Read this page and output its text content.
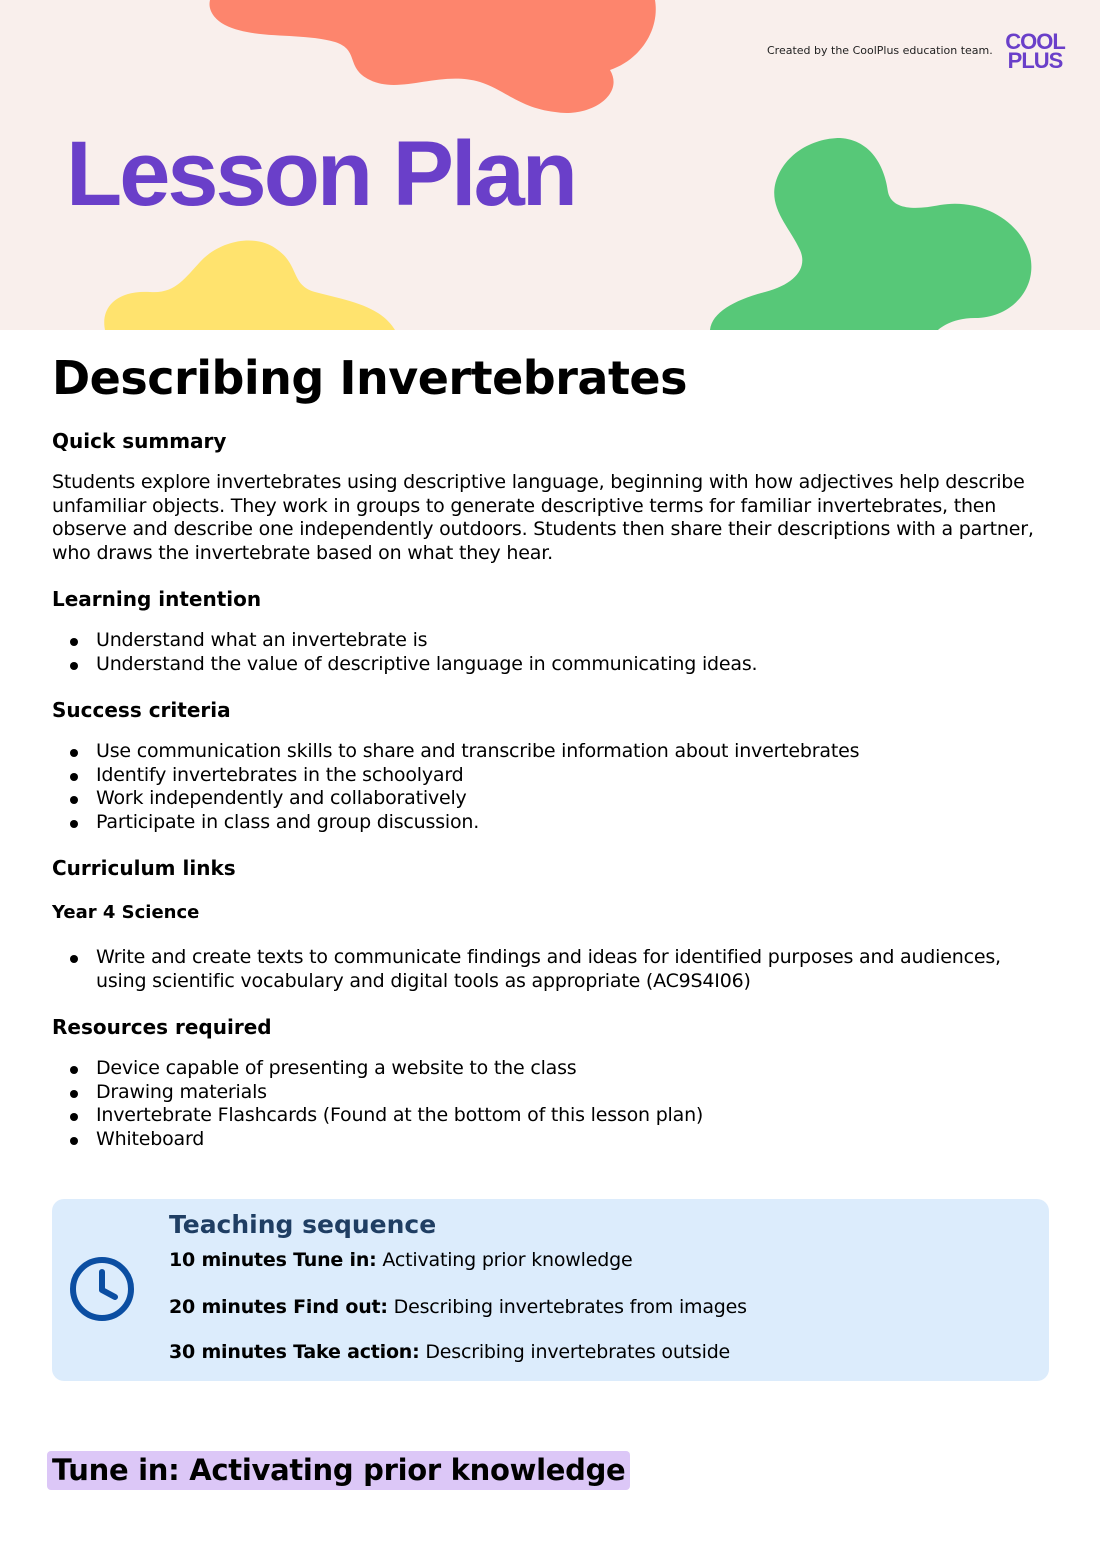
Lesson Plan
Created by the CoolPlus education team. COOL
PLUS
Describing Invertebrates
Quick summary

Students explore invertebrates using descriptive language, beginning with how adjectives help describe unfamiliar objects. They work in groups to generate descriptive terms for familiar invertebrates, then observe and describe one independently outdoors. Students then share their descriptions with a partner, who draws the invertebrate based on what they hear.

Learning intention
Understand what an invertebrate is
Understand the value of descriptive language in communicating ideas.
Success criteria
Use communication skills to share and transcribe information about invertebrates
Identify invertebrates in the schoolyard
Work independently and collaboratively
Participate in class and group discussion.
Curriculum links
Year 4 Science
Write and create texts to communicate findings and ideas for identified purposes and audiences, using scientific vocabulary and digital tools as appropriate (AC9S4I06)
Resources required
Device capable of presenting a website to the class
Drawing materials
Invertebrate Flashcards (Found at the bottom of this lesson plan)
Whiteboard
Teaching sequence
10 minutes Tune in: Activating prior knowledge
20 minutes Find out: Describing invertebrates from images
30 minutes Take action: Describing invertebrates outside
Tune in: Activating prior knowledge
